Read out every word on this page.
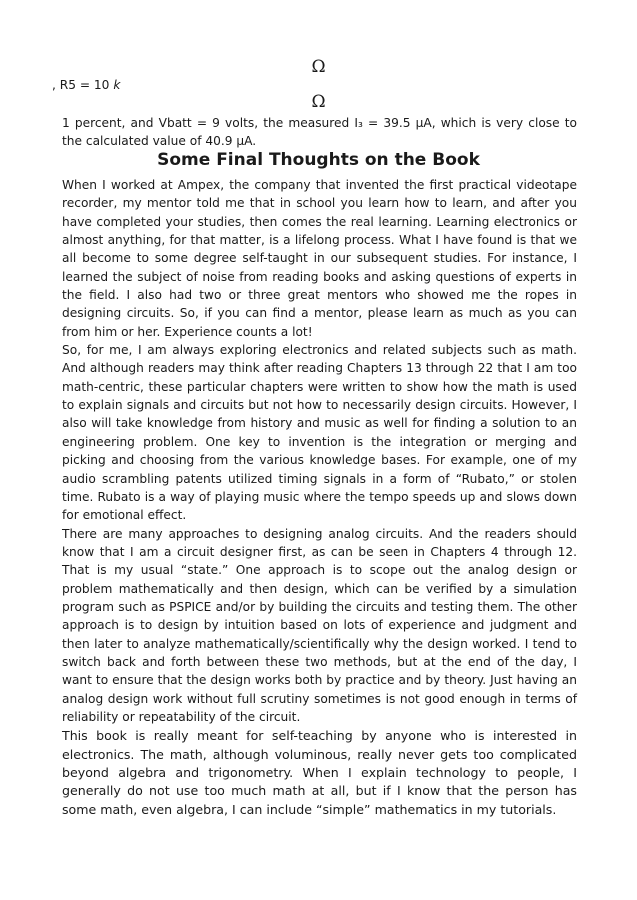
Ω
, R5 = 10 k
Ω
1 percent, and Vbatt = 9 volts, the measured I₃ = 39.5 μA, which is very close to the calculated value of 40.9 μA.
Some Final Thoughts on the Book

When I worked at Ampex, the company that invented the first practical videotape recorder, my mentor told me that in school you learn how to learn, and after you have completed your studies, then comes the real learning. Learning electronics or almost anything, for that matter, is a lifelong process. What I have found is that we all become to some degree self-taught in our subsequent studies. For instance, I learned the subject of noise from reading books and asking questions of experts in the field. I also had two or three great mentors who showed me the ropes in designing circuits. So, if you can find a mentor, please learn as much as you can from him or her. Experience counts a lot!

So, for me, I am always exploring electronics and related subjects such as math. And although readers may think after reading Chapters 13 through 22 that I am too math-centric, these particular chapters were written to show how the math is used to explain signals and circuits but not how to necessarily design circuits. However, I also will take knowledge from history and music as well for finding a solution to an engineering problem. One key to invention is the integration or merging and picking and choosing from the various knowledge bases. For example, one of my audio scrambling patents utilized timing signals in a form of “Rubato,” or stolen time. Rubato is a way of playing music where the tempo speeds up and slows down for emotional effect.

There are many approaches to designing analog circuits. And the readers should know that I am a circuit designer first, as can be seen in Chapters 4 through 12. That is my usual “state.” One approach is to scope out the analog design or problem mathematically and then design, which can be verified by a simulation program such as PSPICE and/or by building the circuits and testing them. The other approach is to design by intuition based on lots of experience and judgment and then later to analyze mathematically/scientifically why the design worked. I tend to switch back and forth between these two methods, but at the end of the day, I want to ensure that the design works both by practice and by theory. Just having an analog design work without full scrutiny sometimes is not good enough in terms of reliability or repeatability of the circuit.

This book is really meant for self-teaching by anyone who is interested in electronics. The math, although voluminous, really never gets too complicated beyond algebra and trigonometry. When I explain technology to people, I generally do not use too much math at all, but if I know that the person has some math, even algebra, I can include “simple” mathematics in my tutorials.
